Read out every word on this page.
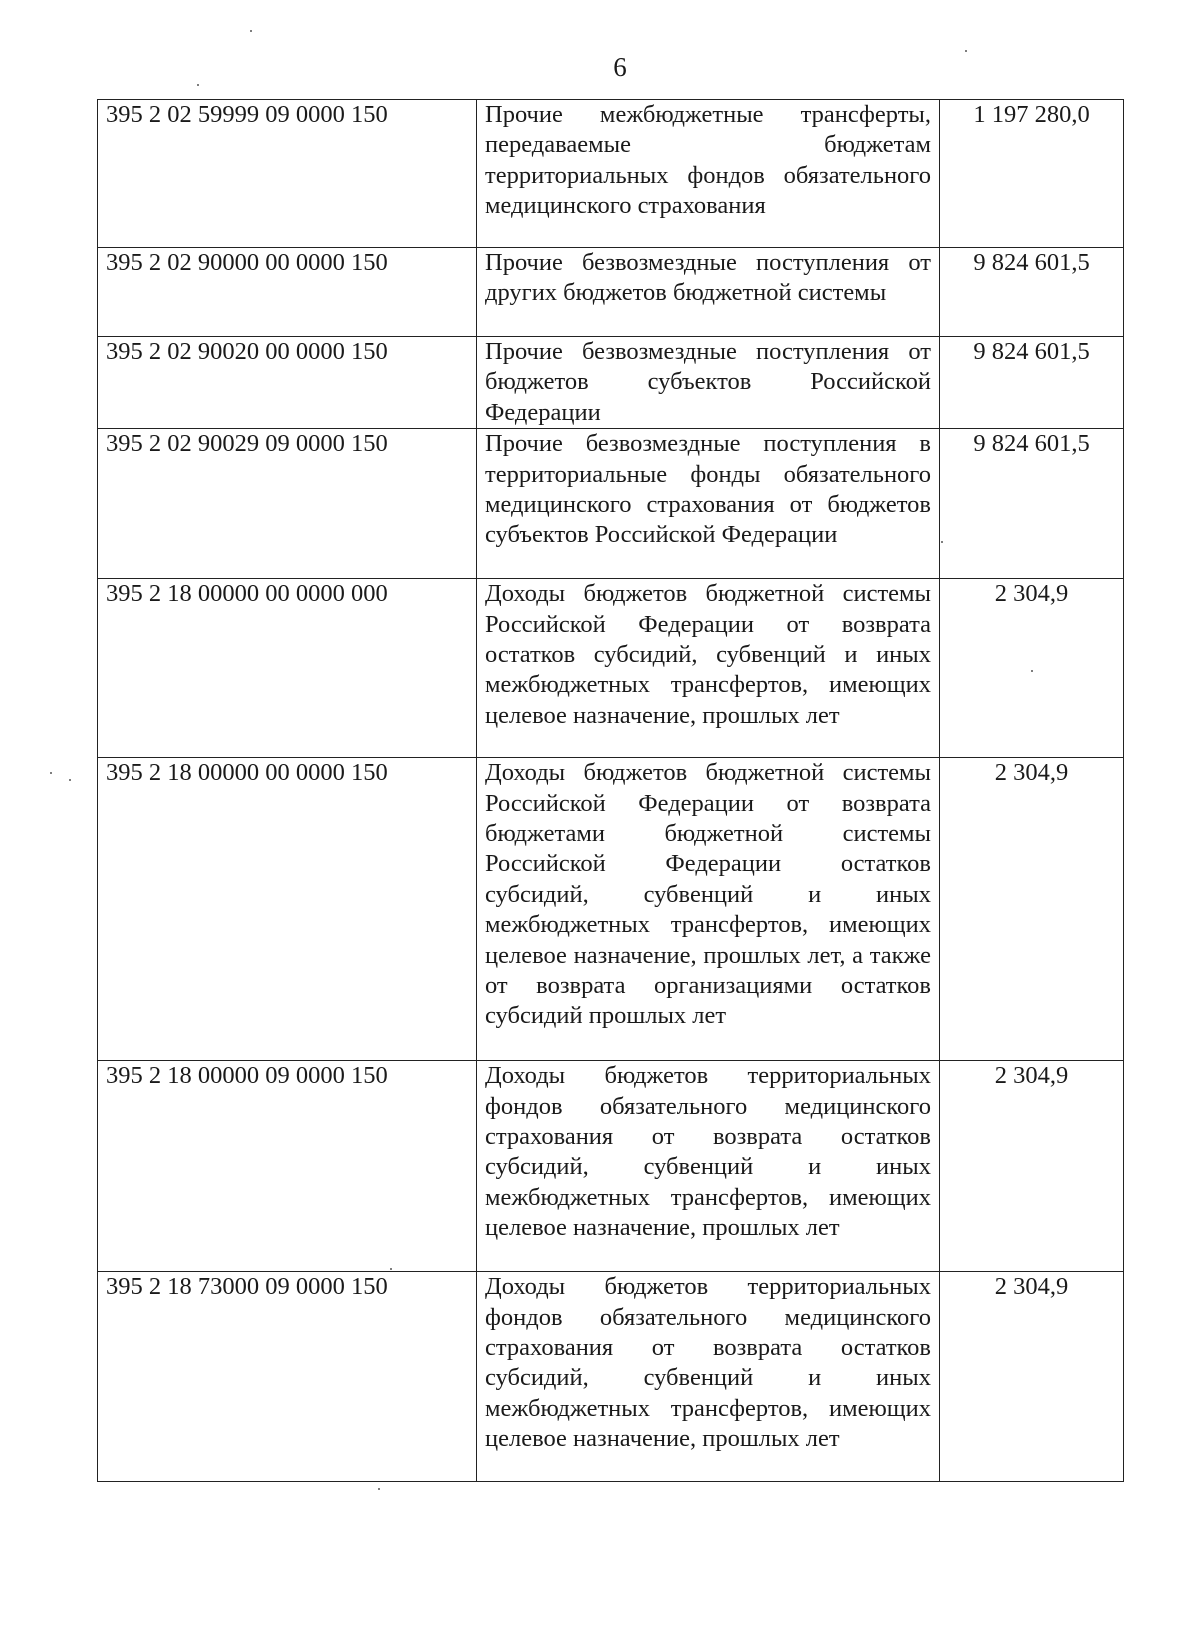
6
395 2 02 59999 09 0000 150	Прочие межбюджетные трансферты, передаваемые бюджетам территориальных фондов обязательного медицинского страхования	1 197 280,0
395 2 02 90000 00 0000 150	Прочие безвозмездные поступления от других бюджетов бюджетной системы	9 824 601,5
395 2 02 90020 00 0000 150	Прочие безвозмездные поступления от бюджетов субъектов Российской Федерации	9 824 601,5
395 2 02 90029 09 0000 150	Прочие безвозмездные поступления в территориальные фонды обязательного медицинского страхования от бюджетов субъектов Российской Федерации	9 824 601,5
395 2 18 00000 00 0000 000	Доходы бюджетов бюджетной системы Российской Федерации от возврата остатков субсидий, субвенций и иных межбюджетных трансфертов, имеющих целевое назначение, прошлых лет	2 304,9
395 2 18 00000 00 0000 150	Доходы бюджетов бюджетной системы Российской Федерации от возврата бюджетами бюджетной системы Российской Федерации остатков субсидий, субвенций и иных межбюджетных трансфертов, имеющих целевое назначение, прошлых лет, а также от возврата организациями остатков субсидий прошлых лет	2 304,9
395 2 18 00000 09 0000 150	Доходы бюджетов территориальных фондов обязательного медицинского страхования от возврата остатков субсидий, субвенций и иных межбюджетных трансфертов, имеющих целевое назначение, прошлых лет	2 304,9
395 2 18 73000 09 0000 150	Доходы бюджетов территориальных фондов обязательного медицинского страхования от возврата остатков субсидий, субвенций и иных межбюджетных трансфертов, имеющих целевое назначение, прошлых лет	2 304,9
